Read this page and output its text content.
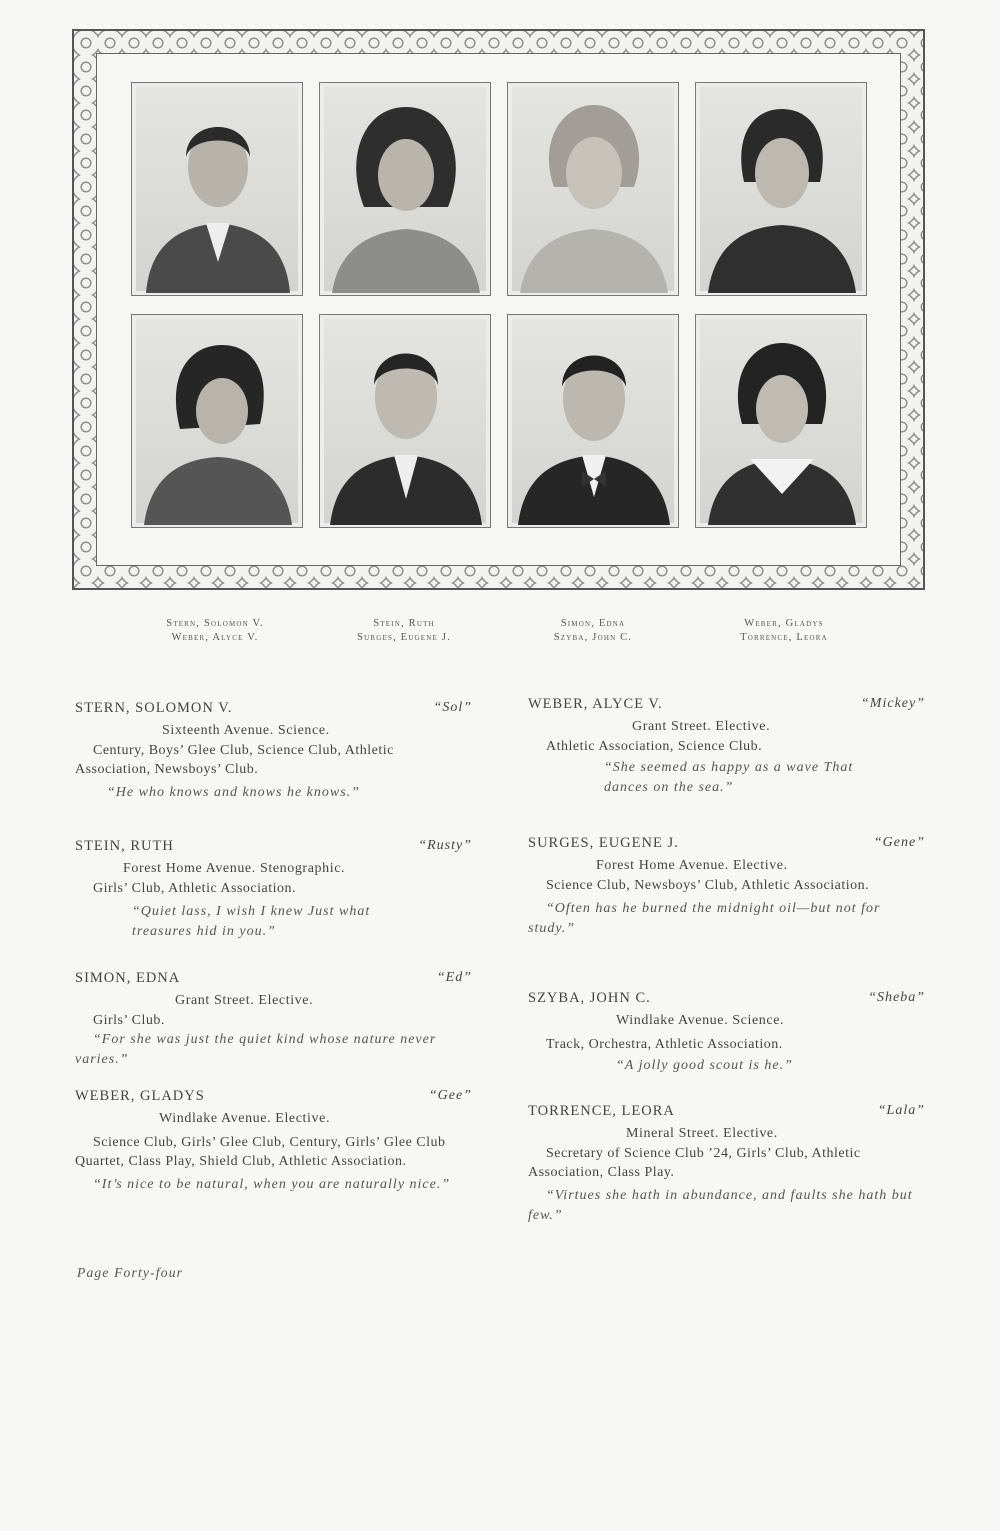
Stern, Solomon V.
Weber, Alyce V.
Stein, Ruth
Surges, Eugene J.
Simon, Edna
Szyba, John C.
Weber, Gladys
Torrence, Leora
STERN, SOLOMON V.	“Sol”
Sixteenth Avenue. Science.
Century, Boys’ Glee Club, Science Club, Athletic Association, Newsboys’ Club.
“He who knows and knows he knows.”
STEIN, RUTH	“Rusty”
Forest Home Avenue. Stenographic.
Girls’ Club, Athletic Association.
“Quiet lass, I wish I knew Just what treasures hid in you.”
SIMON, EDNA	“Ed”
Grant Street. Elective.
Girls’ Club.
“For she was just the quiet kind whose nature never varies.”
WEBER, GLADYS	“Gee”
Windlake Avenue. Elective.
Science Club, Girls’ Glee Club, Century, Girls’ Glee Club Quartet, Class Play, Shield Club, Athletic Association.
“It’s nice to be natural, when you are naturally nice.”
WEBER, ALYCE V.	“Mickey”
Grant Street. Elective.
Athletic Association, Science Club.
“She seemed as happy as a wave That dances on the sea.”
SURGES, EUGENE J.	“Gene”
Forest Home Avenue. Elective.
Science Club, Newsboys’ Club, Athletic Association.
“Often has he burned the midnight oil—but not for study.”
SZYBA, JOHN C.	“Sheba”
Windlake Avenue. Science.
Track, Orchestra, Athletic Association.
“A jolly good scout is he.”
TORRENCE, LEORA	“Lala”
Mineral Street. Elective.
Secretary of Science Club ’24, Girls’ Club, Athletic Association, Class Play.
“Virtues she hath in abundance, and faults she hath but few.”
Page Forty-four
